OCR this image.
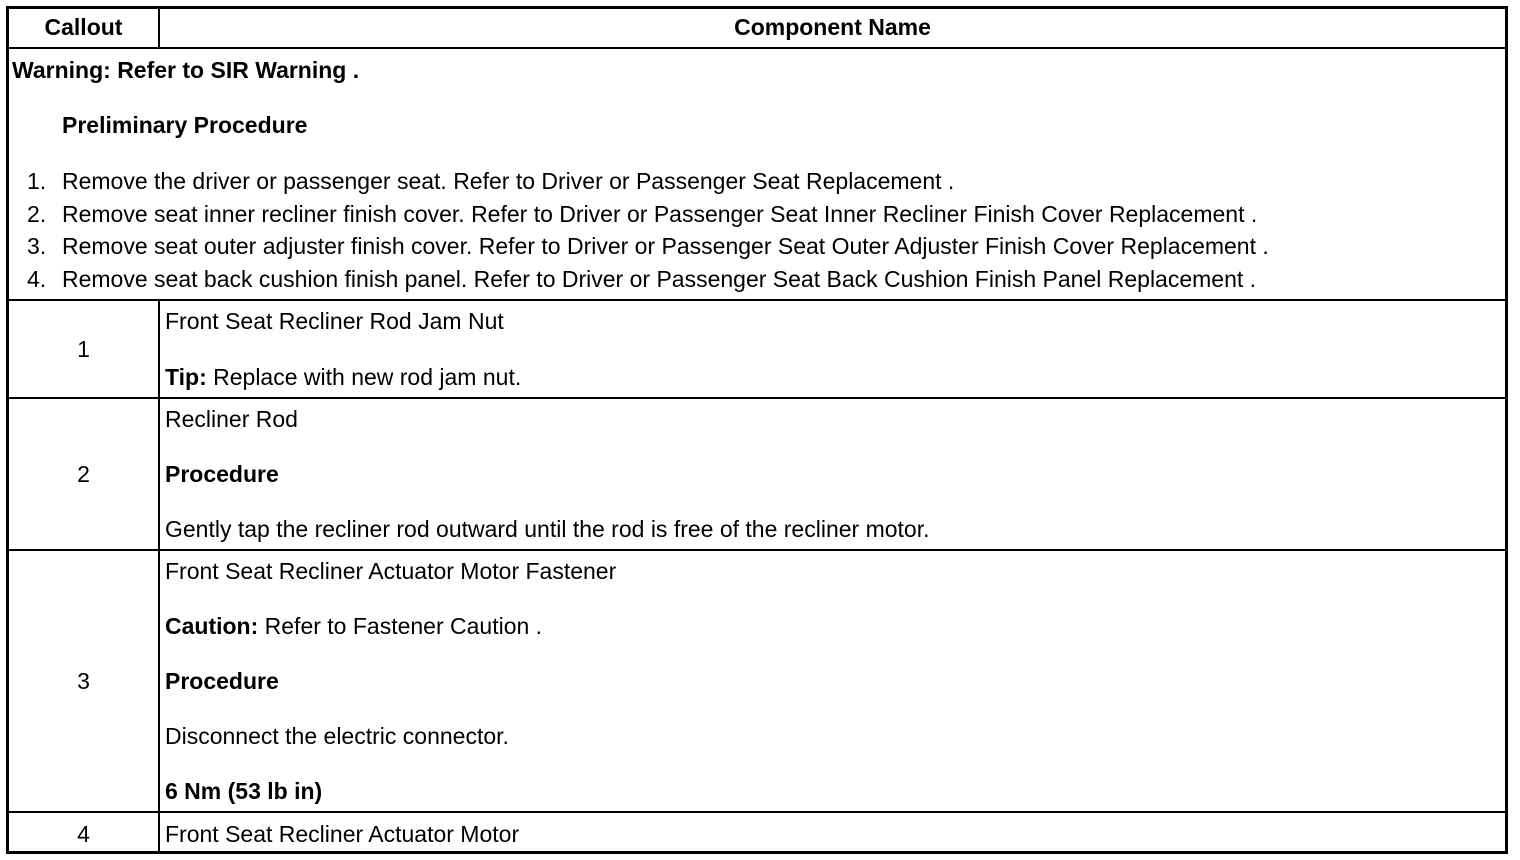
Callout	Component Name
Warning: Refer to SIR Warning .
Preliminary Procedure
1. Remove the driver or passenger seat. Refer to Driver or Passenger Seat Replacement .
2. Remove seat inner recliner finish cover. Refer to Driver or Passenger Seat Inner Recliner Finish Cover Replacement .
3. Remove seat outer adjuster finish cover. Refer to Driver or Passenger Seat Outer Adjuster Finish Cover Replacement .
4. Remove seat back cushion finish panel. Refer to Driver or Passenger Seat Back Cushion Finish Panel Replacement .
1
Front Seat Recliner Rod Jam Nut
Tip: Replace with new rod jam nut.
2
Recliner Rod
Procedure
Gently tap the recliner rod outward until the rod is free of the recliner motor.
3
Front Seat Recliner Actuator Motor Fastener
Caution: Refer to Fastener Caution .
Procedure
Disconnect the electric connector.
6 Nm (53 lb in)
4	Front Seat Recliner Actuator Motor
